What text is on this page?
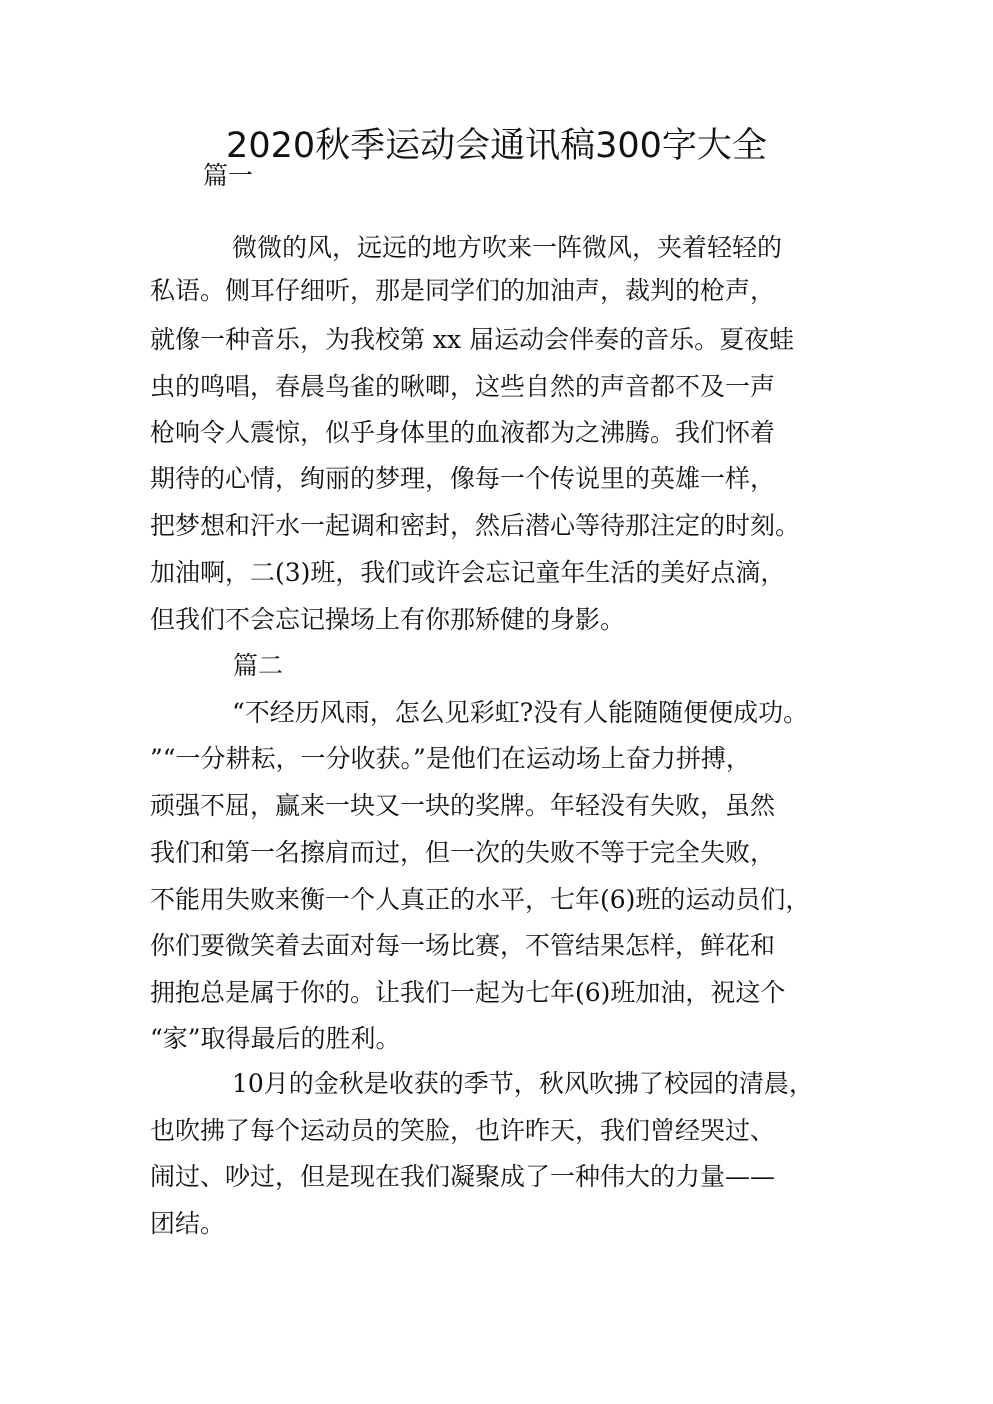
2020秋季运动会通讯稿300字大全
篇一
微微的风，远远的地方吹来一阵微风，夹着轻轻的
私语。侧耳仔细听，那是同学们的加油声，裁判的枪声，
就像一种音乐，为我校第 xx 届运动会伴奏的音乐。夏夜蛙
虫的鸣唱，春晨鸟雀的啾唧，这些自然的声音都不及一声
枪响令人震惊，似乎身体里的血液都为之沸腾。我们怀着
期待的心情，绚丽的梦理，像每一个传说里的英雄一样，
把梦想和汗水一起调和密封，然后潜心等待那注定的时刻。
加油啊，二(3)班，我们或许会忘记童年生活的美好点滴，
但我们不会忘记操场上有你那矫健的身影。
篇二
“不经历风雨，怎么见彩虹?没有人能随随便便成功。
”“一分耕耘，一分收获。”是他们在运动场上奋力拼搏，
顽强不屈，赢来一块又一块的奖牌。年轻没有失败，虽然
我们和第一名擦肩而过，但一次的失败不等于完全失败，
不能用失败来衡一个人真正的水平，七年(6)班的运动员们，
你们要微笑着去面对每一场比赛，不管结果怎样，鲜花和
拥抱总是属于你的。让我们一起为七年(6)班加油，祝这个
“家”取得最后的胜利。
10月的金秋是收获的季节，秋风吹拂了校园的清晨，
也吹拂了每个运动员的笑脸，也许昨天，我们曾经哭过、
闹过、吵过，但是现在我们凝聚成了一种伟大的力量——
团结。
